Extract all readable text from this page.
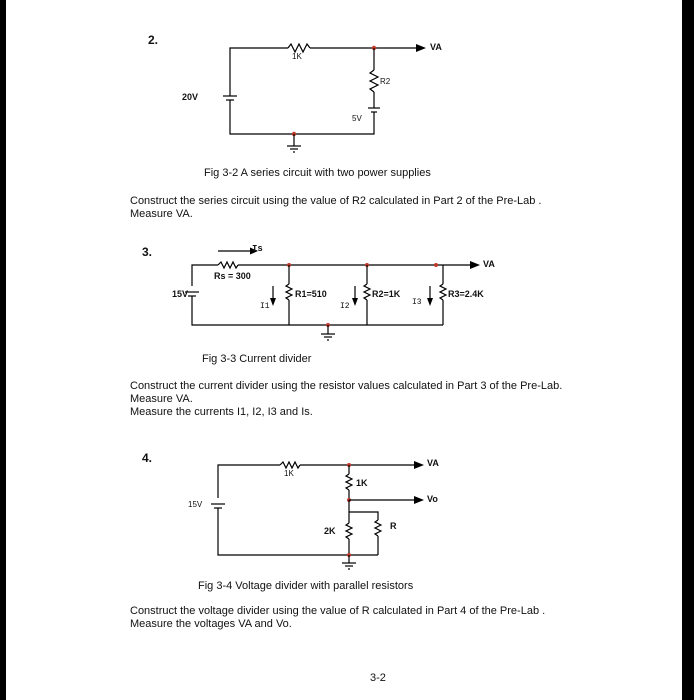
2.
1K
R2
20V
5V
VA
Fig 3-2 A series circuit with two power supplies
Construct the series circuit using the value of R2 calculated in Part 2 of the Pre-Lab .
Measure VA.
3.	Is
Rs = 300
15V
I1
R1=510
I2
R2=1K
I3
R3=2.4K
VA
Fig 3-3 Current divider
Construct the current divider using the resistor values calculated in Part 3 of the Pre-Lab.
Measure VA.
Measure the currents I1, I2, I3 and Is.
4.
1K
1K
15V
2K	R
VA
Vo
Fig 3-4 Voltage divider with parallel resistors
Construct the voltage divider using the value of R calculated in Part 4 of the Pre-Lab .
Measure the voltages VA and Vo.
3-2
